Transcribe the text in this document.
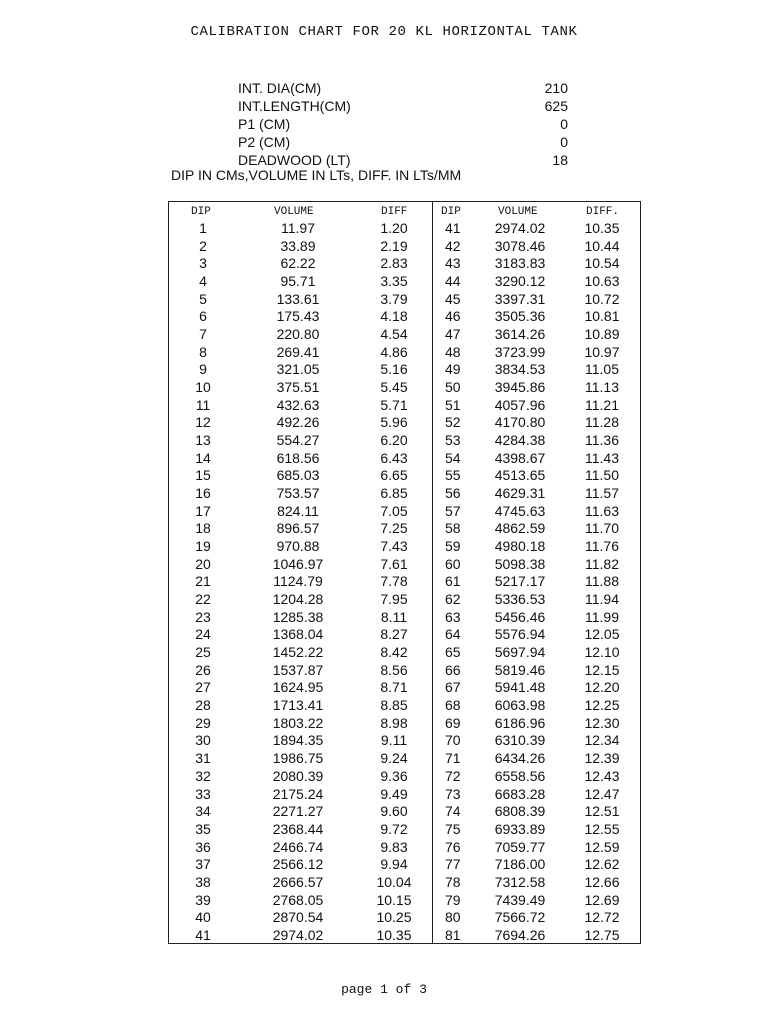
CALIBRATION CHART FOR 20 KL HORIZONTAL TANK
INT. DIA(CM)	210
INT.LENGTH(CM)	625
P1 (CM)	0
P2 (CM)	0
DEADWOOD (LT)	18
DIP IN CMs,VOLUME IN LTs, DIFF. IN LTs/MM
DIP	VOLUME	DIFF	DIP	VOLUME	DIFF.
1	11.97	1.20	41	2974.02	10.35
2	33.89	2.19	42	3078.46	10.44
3	62.22	2.83	43	3183.83	10.54
4	95.71	3.35	44	3290.12	10.63
5	133.61	3.79	45	3397.31	10.72
6	175.43	4.18	46	3505.36	10.81
7	220.80	4.54	47	3614.26	10.89
8	269.41	4.86	48	3723.99	10.97
9	321.05	5.16	49	3834.53	11.05
10	375.51	5.45	50	3945.86	11.13
11	432.63	5.71	51	4057.96	11.21
12	492.26	5.96	52	4170.80	11.28
13	554.27	6.20	53	4284.38	11.36
14	618.56	6.43	54	4398.67	11.43
15	685.03	6.65	55	4513.65	11.50
16	753.57	6.85	56	4629.31	11.57
17	824.11	7.05	57	4745.63	11.63
18	896.57	7.25	58	4862.59	11.70
19	970.88	7.43	59	4980.18	11.76
20	1046.97	7.61	60	5098.38	11.82
21	1124.79	7.78	61	5217.17	11.88
22	1204.28	7.95	62	5336.53	11.94
23	1285.38	8.11	63	5456.46	11.99
24	1368.04	8.27	64	5576.94	12.05
25	1452.22	8.42	65	5697.94	12.10
26	1537.87	8.56	66	5819.46	12.15
27	1624.95	8.71	67	5941.48	12.20
28	1713.41	8.85	68	6063.98	12.25
29	1803.22	8.98	69	6186.96	12.30
30	1894.35	9.11	70	6310.39	12.34
31	1986.75	9.24	71	6434.26	12.39
32	2080.39	9.36	72	6558.56	12.43
33	2175.24	9.49	73	6683.28	12.47
34	2271.27	9.60	74	6808.39	12.51
35	2368.44	9.72	75	6933.89	12.55
36	2466.74	9.83	76	7059.77	12.59
37	2566.12	9.94	77	7186.00	12.62
38	2666.57	10.04	78	7312.58	12.66
39	2768.05	10.15	79	7439.49	12.69
40	2870.54	10.25	80	7566.72	12.72
41	2974.02	10.35	81	7694.26	12.75
page 1 of 3
